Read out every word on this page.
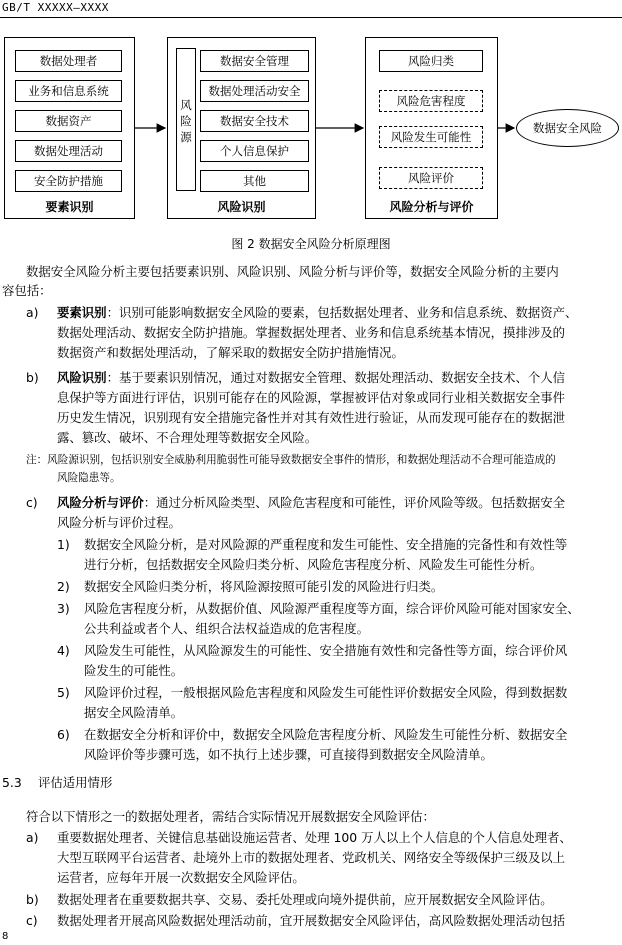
GB/T XXXXX—XXXX
数据处理者
业务和信息系统
数据资产
数据处理活动
安全防护措施
要素识别
风
险
源
数据安全管理
数据处理活动安全
数据安全技术
个人信息保护
其他
风险识别
风险归类
风险危害程度
风险发生可能性
风险评价
风险分析与评价
数据安全风险
图 2 数据安全风险分析原理图
数据安全风险分析主要包括要素识别、风险识别、风险分析与评价等，数据安全风险分析的主要内
容包括：
a) 要素识别：识别可能影响数据安全风险的要素，包括数据处理者、业务和信息系统、数据资产、
数据处理活动、数据安全防护措施。掌握数据处理者、业务和信息系统基本情况，摸排涉及的
数据资产和数据处理活动，了解采取的数据安全防护措施情况。
b) 风险识别：基于要素识别情况，通过对数据安全管理、数据处理活动、数据安全技术、个人信
息保护等方面进行评估，识别可能存在的风险源，掌握被评估对象或同行业相关数据安全事件
历史发生情况，识别现有安全措施完备性并对其有效性进行验证，从而发现可能存在的数据泄
露、篡改、破坏、不合理处理等数据安全风险。
注：风险源识别，包括识别安全威胁利用脆弱性可能导致数据安全事件的情形，和数据处理活动不合理可能造成的
风险隐患等。
c) 风险分析与评价：通过分析风险类型、风险危害程度和可能性，评价风险等级。包括数据安全
风险分析与评价过程。
1) 数据安全风险分析，是对风险源的严重程度和发生可能性、安全措施的完备性和有效性等
进行分析，包括数据安全风险归类分析、风险危害程度分析、风险发生可能性分析。
2) 数据安全风险归类分析，将风险源按照可能引发的风险进行归类。
3) 风险危害程度分析，从数据价值、风险源严重程度等方面，综合评价风险可能对国家安全、
公共利益或者个人、组织合法权益造成的危害程度。
4) 风险发生可能性，从风险源发生的可能性、安全措施有效性和完备性等方面，综合评价风
险发生的可能性。
5) 风险评价过程，一般根据风险危害程度和风险发生可能性评价数据安全风险，得到数据数
据安全风险清单。
6) 在数据安全分析和评价中，数据安全风险危害程度分析、风险发生可能性分析、数据安全
风险评价等步骤可选，如不执行上述步骤，可直接得到数据安全风险清单。
5.3 评估适用情形
符合以下情形之一的数据处理者，需结合实际情况开展数据安全风险评估：
a) 重要数据处理者、关键信息基础设施运营者、处理 100 万人以上个人信息的个人信息处理者、
大型互联网平台运营者、赴境外上市的数据处理者、党政机关、网络安全等级保护三级及以上
运营者，应每年开展一次数据安全风险评估。
b) 数据处理者在重要数据共享、交易、委托处理或向境外提供前，应开展数据安全风险评估。
c) 数据处理者开展高风险数据处理活动前，宜开展数据安全风险评估，高风险数据处理活动包括
8
